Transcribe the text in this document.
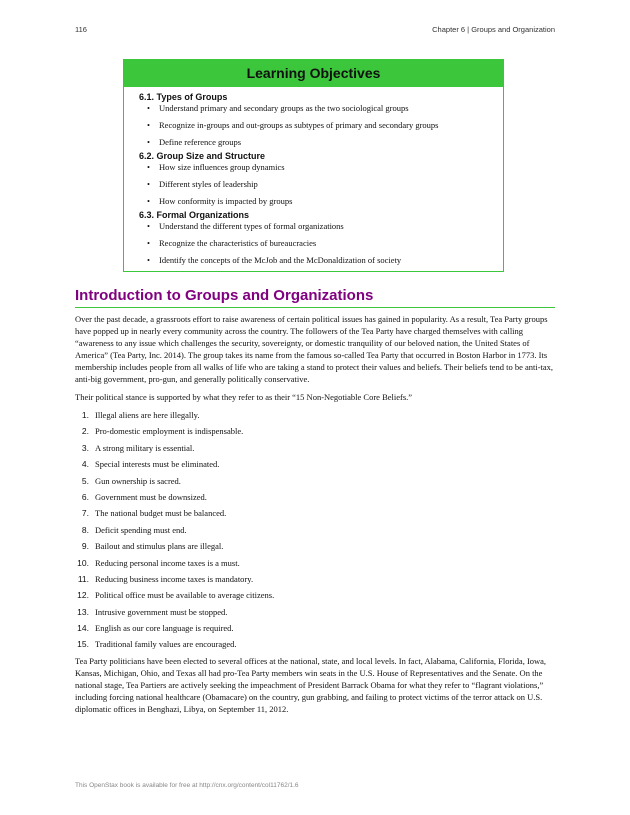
116	Chapter 6 | Groups and Organization
Learning Objectives
6.1. Types of Groups
• Understand primary and secondary groups as the two sociological groups
• Recognize in-groups and out-groups as subtypes of primary and secondary groups
• Define reference groups
6.2. Group Size and Structure
• How size influences group dynamics
• Different styles of leadership
• How conformity is impacted by groups
6.3. Formal Organizations
• Understand the different types of formal organizations
• Recognize the characteristics of bureaucracies
• Identify the concepts of the McJob and the McDonaldization of society
Introduction to Groups and Organizations

Over the past decade, a grassroots effort to raise awareness of certain political issues has gained in popularity. As a result, Tea Party groups have popped up in nearly every community across the country. The followers of the Tea Party have charged themselves with calling “awareness to any issue which challenges the security, sovereignty, or domestic tranquility of our beloved nation, the United States of America” (Tea Party, Inc. 2014). The group takes its name from the famous so-called Tea Party that occurred in Boston Harbor in 1773. Its membership includes people from all walks of life who are taking a stand to protect their values and beliefs. Their beliefs tend to be anti-tax, anti-big government, pro-gun, and generally politically conservative.

Their political stance is supported by what they refer to as their “15 Non-Negotiable Core Beliefs.”

1. Illegal aliens are here illegally.
2. Pro-domestic employment is indispensable.
3. A strong military is essential.
4. Special interests must be eliminated.
5. Gun ownership is sacred.
6. Government must be downsized.
7. The national budget must be balanced.
8. Deficit spending must end.
9. Bailout and stimulus plans are illegal.
10. Reducing personal income taxes is a must.
11. Reducing business income taxes is mandatory.
12. Political office must be available to average citizens.
13. Intrusive government must be stopped.
14. English as our core language is required.
15. Traditional family values are encouraged.

Tea Party politicians have been elected to several offices at the national, state, and local levels. In fact, Alabama, California, Florida, Iowa, Kansas, Michigan, Ohio, and Texas all had pro-Tea Party members win seats in the U.S. House of Representatives and the Senate. On the national stage, Tea Partiers are actively seeking the impeachment of President Barrack Obama for what they refer to “flagrant violations,” including forcing national healthcare (Obamacare) on the country, gun grabbing, and failing to protect victims of the terror attack on U.S. diplomatic offices in Benghazi, Libya, on September 11, 2012.

This OpenStax book is available for free at http://cnx.org/content/col11762/1.6
